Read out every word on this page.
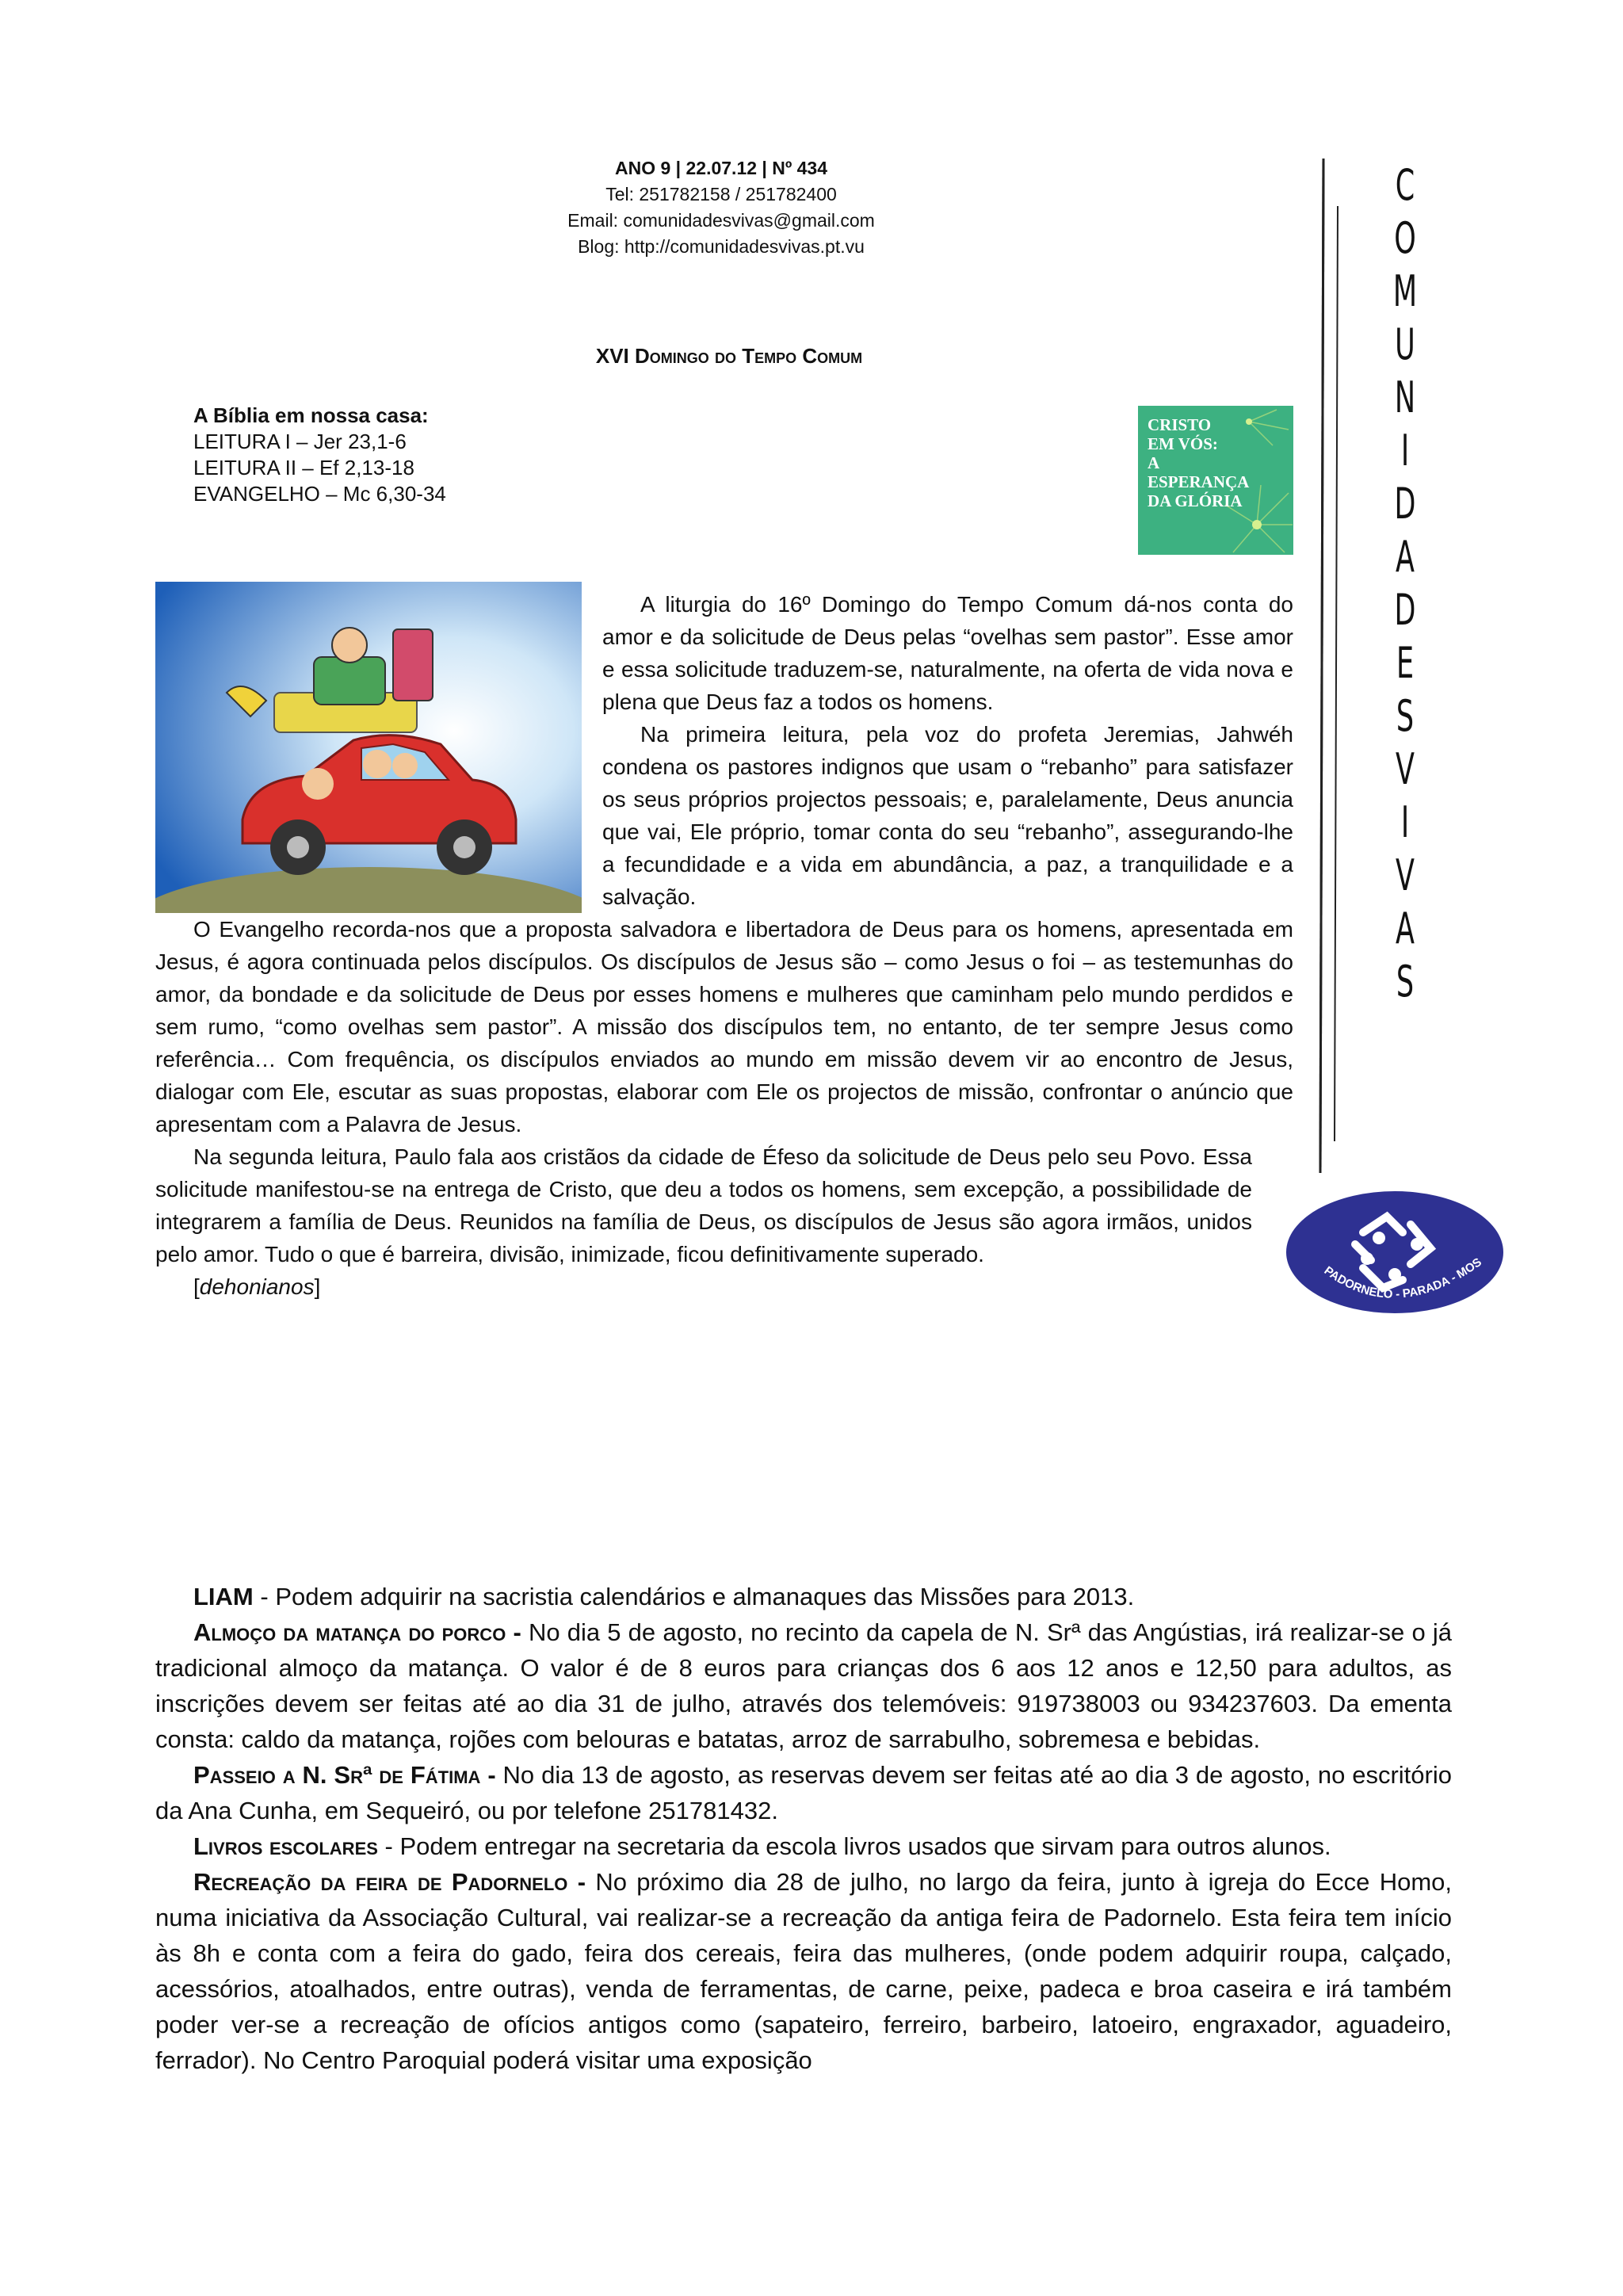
ANO 9 | 22.07.12 | Nº 434
Tel: 251782158 / 251782400
Email: comunidadesvivas@gmail.com
Blog: http://comunidadesvivas.pt.vu
C
O
M
U
N
I
D
A
D
E
S
V
I
V
A
S
XVI Domingo do Tempo Comum
A Bíblia em nossa casa:
LEITURA I – Jer 23,1-6
LEITURA II – Ef 2,13-18
EVANGELHO – Mc 6,30-34
CRISTO
EM VÓS:
A
ESPERANÇA
DA GLÓRIA

A liturgia do 16º Domingo do Tempo Comum dá-nos conta do amor e da solicitude de Deus pelas “ovelhas sem pastor”. Esse amor e essa solicitude traduzem-se, naturalmente, na oferta de vida nova e plena que Deus faz a todos os homens.

Na primeira leitura, pela voz do profeta Jeremias, Jahwéh condena os pastores indignos que usam o “rebanho” para satisfazer os seus próprios projectos pessoais; e, paralelamente, Deus anuncia que vai, Ele próprio, tomar conta do seu “rebanho”, assegurando-lhe a fecundidade e a vida em abundância, a paz, a tranquilidade e a salvação.

O Evangelho recorda-nos que a proposta salvadora e libertadora de Deus para os homens, apresentada em Jesus, é agora continuada pelos discípulos. Os discípulos de Jesus são – como Jesus o foi – as testemunhas do amor, da bondade e da solicitude de Deus por esses homens e mulheres que caminham pelo mundo perdidos e sem rumo, “como ovelhas sem pastor”. A missão dos discípulos tem, no entanto, de ter sempre Jesus como referência… Com frequência, os discípulos enviados ao mundo em missão devem vir ao encontro de Jesus, dialogar com Ele, escutar as suas propostas, elaborar com Ele os projectos de missão, confrontar o anúncio que apresentam com a Palavra de Jesus.

Na segunda leitura, Paulo fala aos cristãos da cidade de Éfeso da solicitude de Deus pelo seu Povo. Essa solicitude manifestou-se na entrega de Cristo, que deu a todos os homens, sem excepção, a possibilidade de integrarem a família de Deus. Reunidos na família de Deus, os discípulos de Jesus são agora irmãos, unidos pelo amor. Tudo o que é barreira, divisão, inimizade, ficou definitivamente superado.

[dehonianos]

PADORNELO - PARADA - MOS

LIAM - Podem adquirir na sacristia calendários e almanaques das Missões para 2013.

Almoço da matança do porco - No dia 5 de agosto, no recinto da capela de N. Srª das Angústias, irá realizar-se o já tradicional almoço da matança. O valor é de 8 euros para crianças dos 6 aos 12 anos e 12,50 para adultos, as inscrições devem ser feitas até ao dia 31 de julho, através dos telemóveis: 919738003 ou 934237603. Da ementa consta: caldo da matança, rojões com belouras e batatas, arroz de sarrabulho, sobremesa e bebidas.

Passeio a N. Srª de Fátima - No dia 13 de agosto, as reservas devem ser feitas até ao dia 3 de agosto, no escritório da Ana Cunha, em Sequeiró, ou por telefone 251781432.

Livros escolares - Podem entregar na secretaria da escola livros usados que sirvam para outros alunos.

Recreação da feira de Padornelo - No próximo dia 28 de julho, no largo da feira, junto à igreja do Ecce Homo, numa iniciativa da Associação Cultural, vai realizar-se a recreação da antiga feira de Padornelo. Esta feira tem início às 8h e conta com a feira do gado, feira dos cereais, feira das mulheres, (onde podem adquirir roupa, calçado, acessórios, atoalhados, entre outras), venda de ferramentas, de carne, peixe, padeca e broa caseira e irá também poder ver-se a recreação de ofícios antigos como (sapateiro, ferreiro, barbeiro, latoeiro, engraxador, aguadeiro, ferrador). No Centro Paroquial poderá visitar uma exposição
